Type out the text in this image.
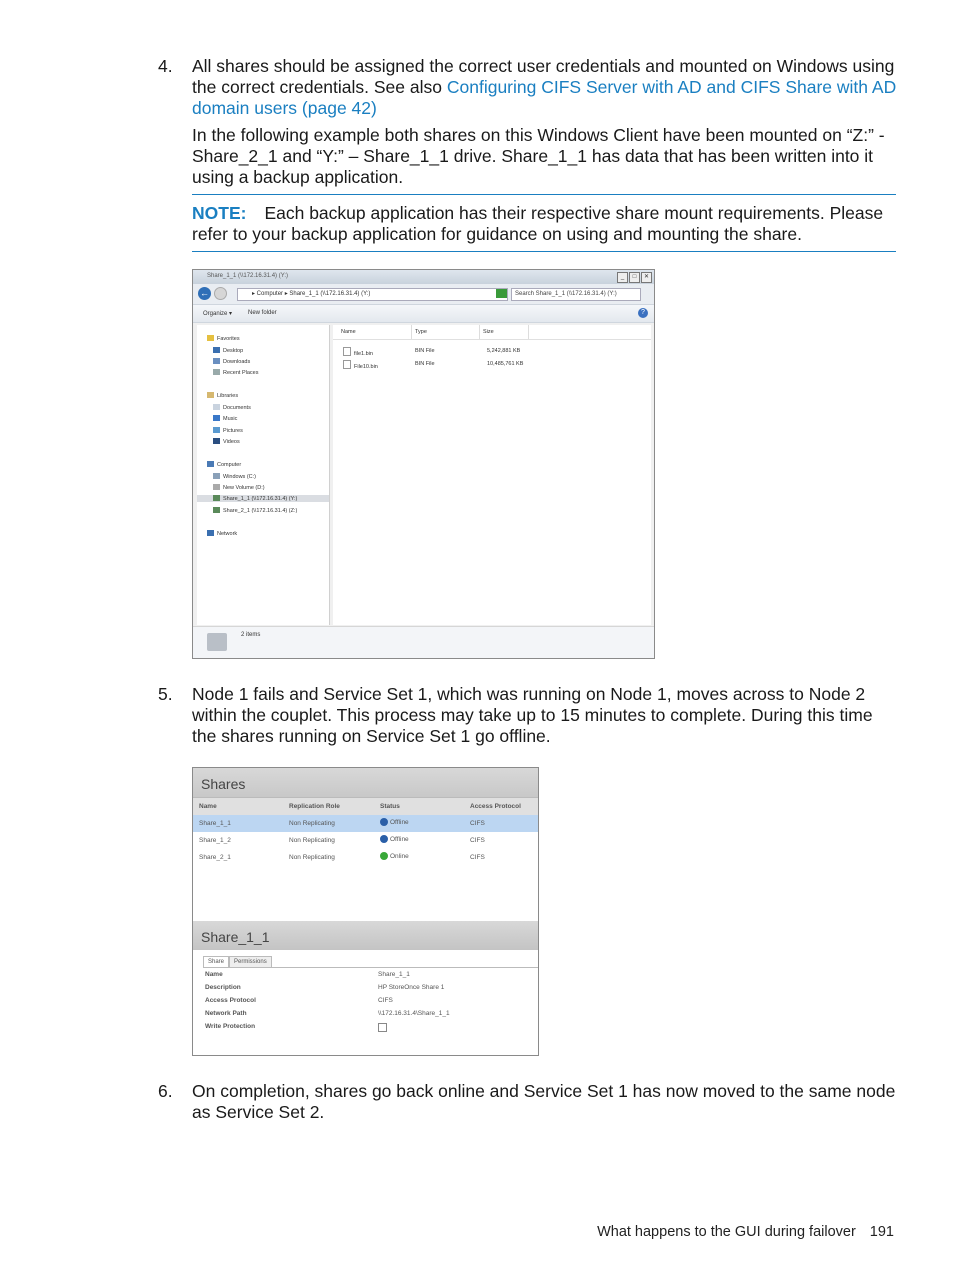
4.	All shares should be assigned the correct user credentials and mounted on Windows using the correct credentials. See also Configuring CIFS Server with AD and CIFS Share with AD domain users (page 42)

In the following example both shares on this Windows Client have been mounted on “Z:” - Share_2_1 and “Y:” – Share_1_1 drive. Share_1_1 has data that has been written into it using a backup application.

NOTE: Each backup application has their respective share mount requirements. Please refer to your backup application for guidance on using and mounting the share.
Share_1_1 (\\172.16.31.4) (Y:)	_	□	✕
←	▸ Computer ▸ Share_1_1 (\\172.16.31.4) (Y:)	Search Share_1_1 (\\172.16.31.4) (Y:)
Organize ▾	New folder	?
Favorites
Desktop
Downloads
Recent Places
Libraries
Documents
Music
Pictures
Videos
Computer
Windows (C:)
New Volume (D:)
Share_1_1 (\\172.16.31.4) (Y:)
Share_2_1 (\\172.16.31.4) (Z:)
Network
Name	Type	Size
file1.bin	BIN File	5,242,881 KB
File10.bin	BIN File	10,485,761 KB
2 items
5.	Node 1 fails and Service Set 1, which was running on Node 1, moves across to Node 2 within the couplet. This process may take up to 15 minutes to complete. During this time the shares running on Service Set 1 go offline.

Shares
Name	Replication Role	Status	Access Protocol
Share_1_1	Non Replicating	Offline	CIFS
Share_1_2	Non Replicating	Offline	CIFS
Share_2_1	Non Replicating	Online	CIFS
Share_1_1
Share Permissions
Name	Share_1_1
Description	HP StoreOnce Share 1
Access Protocol	CIFS
Network Path	\\172.16.31.4\Share_1_1
Write Protection
6.	On completion, shares go back online and Service Set 1 has now moved to the same node as Service Set 2.

What happens to the GUI during failover 191
